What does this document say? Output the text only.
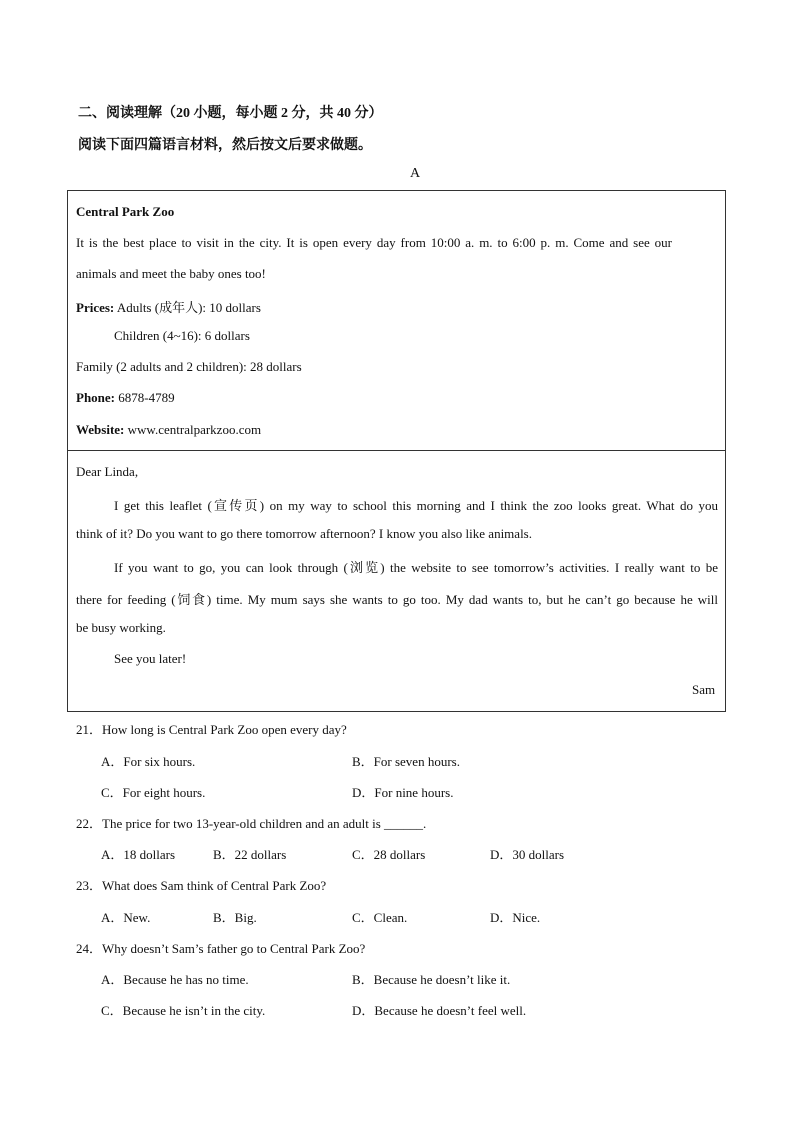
二、阅读理解（20 小题，每小题 2 分，共 40 分）
阅读下面四篇语言材料，然后按文后要求做题。
A
Central Park Zoo
It is the best place to visit in the city. It is open every day from 10:00 a. m. to 6:00 p. m. Come and see our
animals and meet the baby ones too!
Prices: Adults (成年人): 10 dollars
Children (4~16): 6 dollars
Family (2 adults and 2 children): 28 dollars
Phone: 6878-4789
Website: www.centralparkzoo.com
Dear Linda,
I get this leaflet (宣传页) on my way to school this morning and I think the zoo looks great. What do you
think of it? Do you want to go there tomorrow afternoon? I know you also like animals.
If you want to go, you can look through (浏览) the website to see tomorrow’s activities. I really want to be
there for feeding (饲食) time. My mum says she wants to go too. My dad wants to, but he can’t go because he will
be busy working.
See you later!
Sam
21．How long is Central Park Zoo open every day?
A．For six hours.	B．For seven hours.
C．For eight hours.	D．For nine hours.
22．The price for two 13-year-old children and an adult is ______.
A．18 dollars	B．22 dollars	C．28 dollars	D．30 dollars
23．What does Sam think of Central Park Zoo?
A．New.	B．Big.	C．Clean.	D．Nice.
24．Why doesn’t Sam’s father go to Central Park Zoo?
A．Because he has no time.	B．Because he doesn’t like it.
C．Because he isn’t in the city.	D．Because he doesn’t feel well.
